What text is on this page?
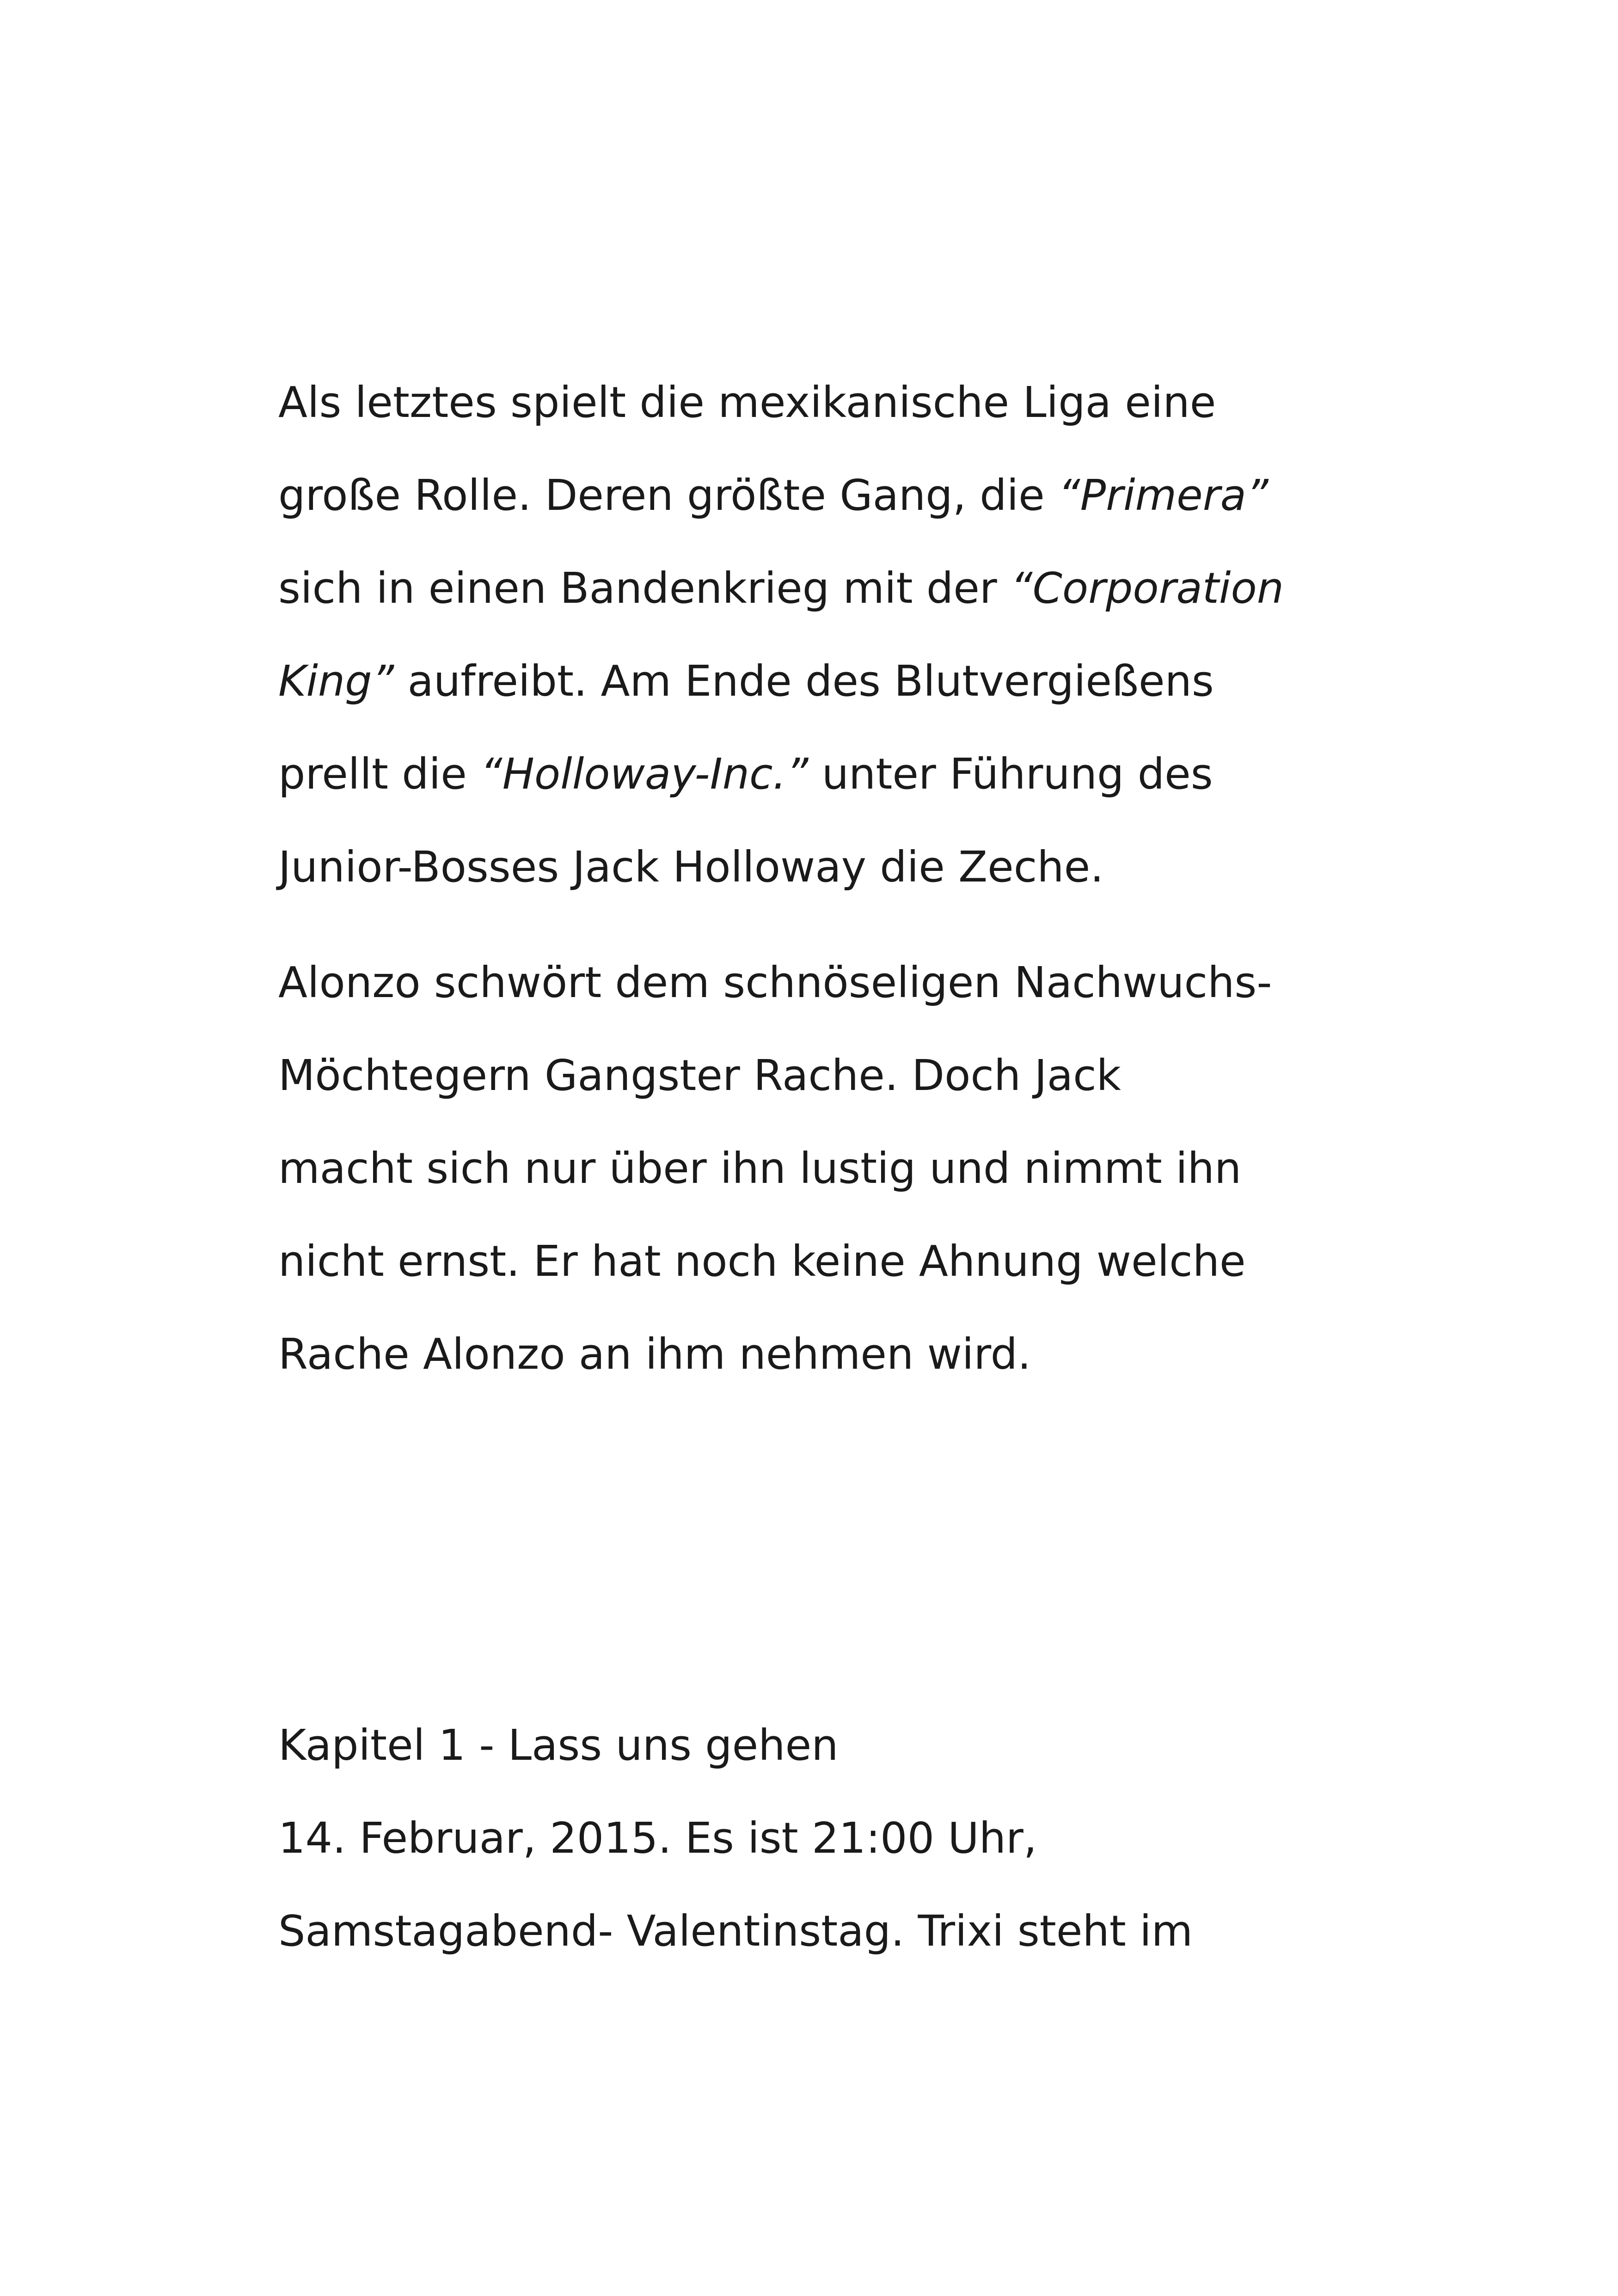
Als letztes spielt die mexikanische Liga eine
große Rolle. Deren größte Gang, die “Primera”
sich in einen Bandenkrieg mit der “Corporation
King” aufreibt. Am Ende des Blutvergießens
prellt die “Holloway-Inc.” unter Führung des
Junior-Bosses Jack Holloway die Zeche.
Alonzo schwört dem schnöseligen Nachwuchs-
Möchtegern Gangster Rache. Doch Jack
macht sich nur über ihn lustig und nimmt ihn
nicht ernst. Er hat noch keine Ahnung welche
Rache Alonzo an ihm nehmen wird.
Kapitel 1 - Lass uns gehen
14. Februar, 2015. Es ist 21:00 Uhr,
Samstagabend- Valentinstag. Trixi steht im
